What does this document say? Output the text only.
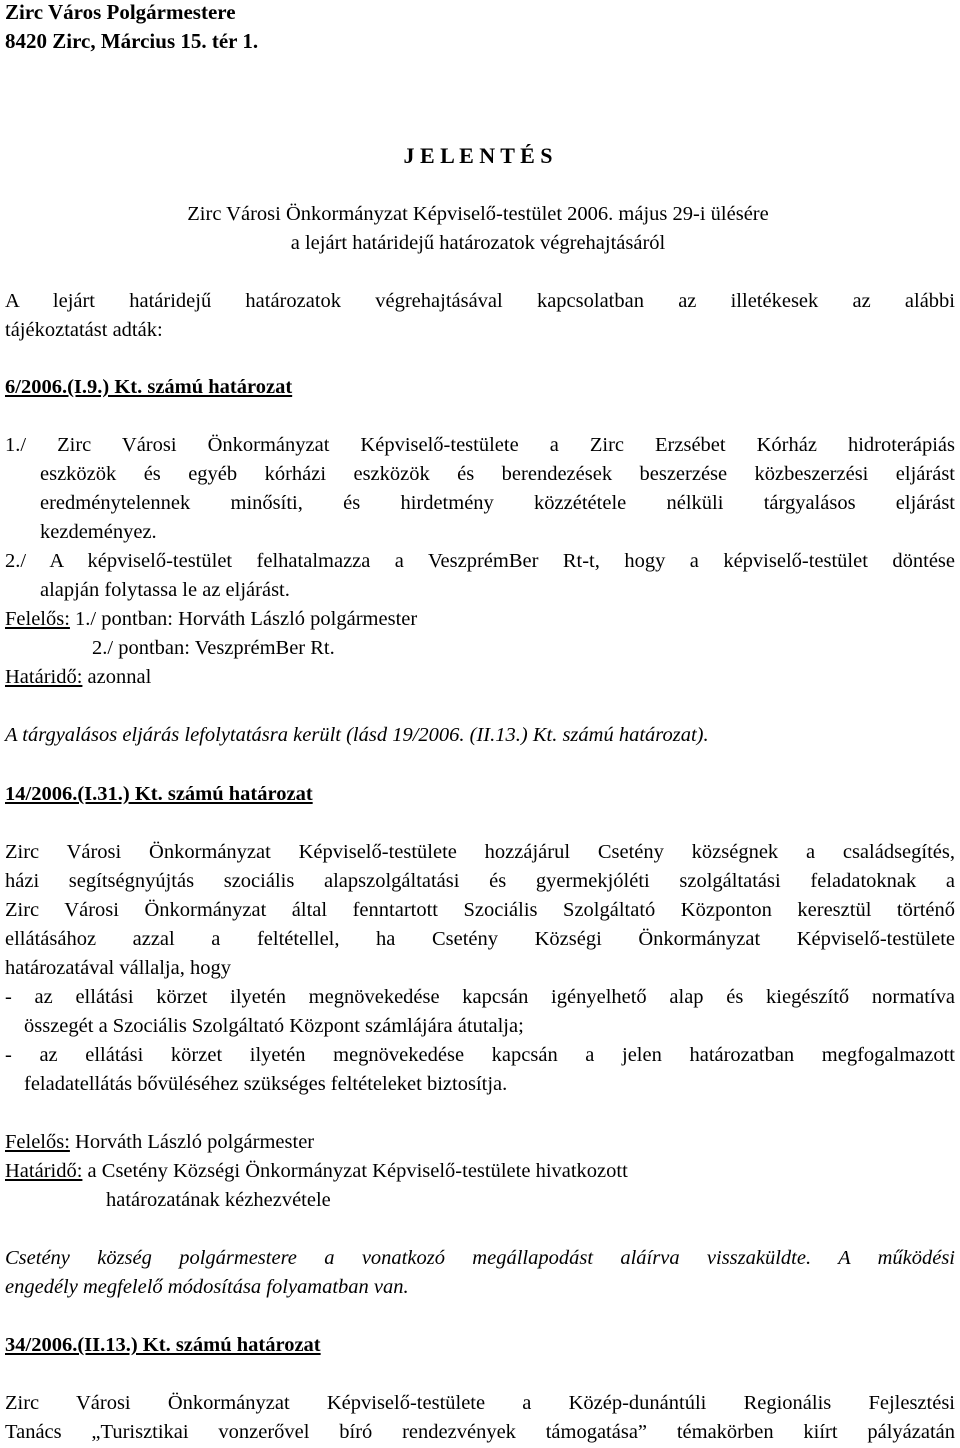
Zirc Város Polgármestere
8420 Zirc, Március 15. tér 1.
J E L E N T É S
Zirc Városi Önkormányzat Képviselő-testület 2006. május 29-i ülésére
a lejárt határidejű határozatok végrehajtásáról
A lejárt határidejű határozatok végrehajtásával kapcsolatban az illetékesek az alábbi
tájékoztatást adták:
6/2006.(I.9.) Kt. számú határozat
1./ Zirc Városi Önkormányzat Képviselő-testülete a Zirc Erzsébet Kórház hidroterápiás
eszközök és egyéb kórházi eszközök és berendezések beszerzése közbeszerzési eljárást
eredménytelennek minősíti, és hirdetmény közzététele nélküli tárgyalásos eljárást
kezdeményez.
2./ A képviselő-testület felhatalmazza a VeszprémBer Rt-t, hogy a képviselő-testület döntése
alapján folytassa le az eljárást.
Felelős: 1./ pontban: Horváth László polgármester
2./ pontban: VeszprémBer Rt.
Határidő: azonnal
A tárgyalásos eljárás lefolytatásra került (lásd 19/2006. (II.13.) Kt. számú határozat).
14/2006.(I.31.) Kt. számú határozat
Zirc Városi Önkormányzat Képviselő-testülete hozzájárul Csetény községnek a családsegítés,
házi segítségnyújtás szociális alapszolgáltatási és gyermekjóléti szolgáltatási feladatoknak a
Zirc Városi Önkormányzat által fenntartott Szociális Szolgáltató Központon keresztül történő
ellátásához azzal a feltétellel, ha Csetény Községi Önkormányzat Képviselő-testülete
határozatával vállalja, hogy
- az ellátási körzet ilyetén megnövekedése kapcsán igényelhető alap és kiegészítő normatíva
összegét a Szociális Szolgáltató Központ számlájára átutalja;
- az ellátási körzet ilyetén megnövekedése kapcsán a jelen határozatban megfogalmazott
feladatellátás bővüléséhez szükséges feltételeket biztosítja.
Felelős: Horváth László polgármester
Határidő: a Csetény Községi Önkormányzat Képviselő-testülete hivatkozott
határozatának kézhezvétele
Csetény község polgármestere a vonatkozó megállapodást aláírva visszaküldte. A működési
engedély megfelelő módosítása folyamatban van.
34/2006.(II.13.) Kt. számú határozat
Zirc Városi Önkormányzat Képviselő-testülete a Közép-dunántúli Regionális Fejlesztési
Tanács „Turisztikai vonzerővel bíró rendezvények támogatása” témakörben kiírt pályázatán
